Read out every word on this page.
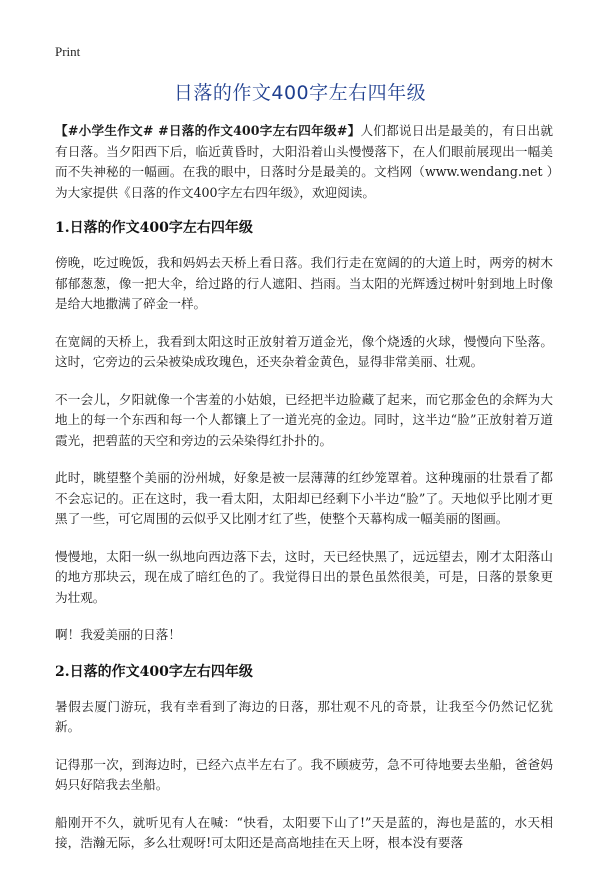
Print
日落的作文400字左右四年级

【#小学生作文# #日落的作文400字左右四年级#】人们都说日出是最美的，有日出就有日落。当夕阳西下后，临近黄昏时，大阳沿着山头慢慢落下，在人们眼前展现出一幅美而不失神秘的一幅画。在我的眼中，日落时分是最美的。文档网（www.wendang.net ）为大家提供《日落的作文400字左右四年级》，欢迎阅读。

1.日落的作文400字左右四年级

傍晚，吃过晚饭，我和妈妈去天桥上看日落。我们行走在宽阔的的大道上时，两旁的树木郁郁葱葱，像一把大伞，给过路的行人遮阳、挡雨。当太阳的光辉透过树叶射到地上时像是给大地撒满了碎金一样。

在宽阔的天桥上，我看到太阳这时正放射着万道金光，像个烧透的火球，慢慢向下坠落。这时，它旁边的云朵被染成玫瑰色，还夹杂着金黄色，显得非常美丽、壮观。

不一会儿，夕阳就像一个害羞的小姑娘，已经把半边脸藏了起来，而它那金色的余辉为大地上的每一个东西和每一个人都镶上了一道光亮的金边。同时，这半边“脸”正放射着万道霞光，把碧蓝的天空和旁边的云朵染得红扑扑的。

此时，眺望整个美丽的汾州城，好象是被一层薄薄的红纱笼罩着。这种瑰丽的壮景看了都不会忘记的。正在这时，我一看太阳，太阳却已经剩下小半边“脸”了。天地似乎比刚才更黑了一些，可它周围的云似乎又比刚才红了些，使整个天幕构成一幅美丽的图画。

慢慢地，太阳一纵一纵地向西边落下去，这时，天已经快黑了，远远望去，刚才太阳落山的地方那块云，现在成了暗红色的了。我觉得日出的景色虽然很美，可是，日落的景象更为壮观。

啊！我爱美丽的日落！

2.日落的作文400字左右四年级

暑假去厦门游玩，我有幸看到了海边的日落，那壮观不凡的奇景，让我至今仍然记忆犹新。

记得那一次，到海边时，已经六点半左右了。我不顾疲劳，急不可待地要去坐船，爸爸妈妈只好陪我去坐船。

船刚开不久，就听见有人在喊：“快看，太阳要下山了!”天是蓝的，海也是蓝的，水天相接，浩瀚无际，多么壮观呀!可太阳还是高高地挂在天上呀，根本没有要落
